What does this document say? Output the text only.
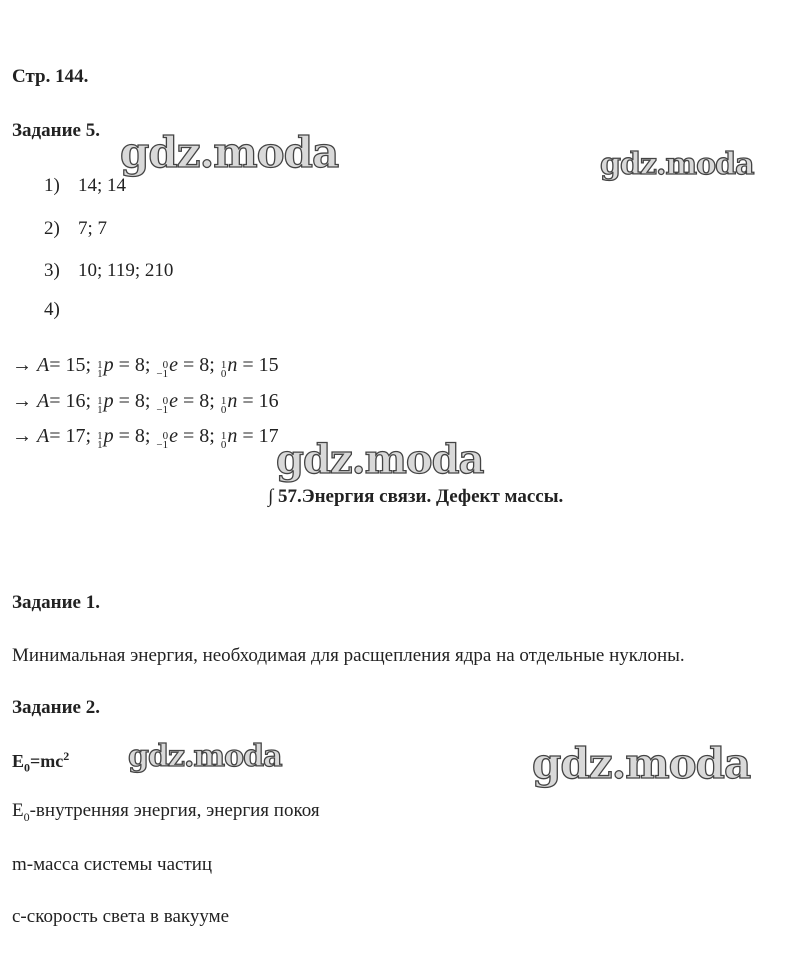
Стр. 144.
Задание 5.
1) 14; 14
2) 7; 7
3) 10; 119; 210
4)
→ A= 15; 1
1 p = 8;	0
−1 e = 8; 1
0 n = 15
→ A= 16; 1
1 p = 8;	0
−1 e = 8; 1
0 n = 16
→ A= 17; 1
1 p = 8;	0
−1 e = 8; 1
0 n = 17
∫ 57.Энергия связи. Дефект массы.
Задание 1.
Минимальная энергия, необходимая для расщепления ядра на отдельные нуклоны.
Задание 2.
$E_0=mc^2$
$E_0$-внутренняя энергия, энергия покоя
m-масса системы частиц
c-скорость света в вакууме
gdz.moda	gdz.moda
gdz.moda
gdz.moda	gdz.moda
